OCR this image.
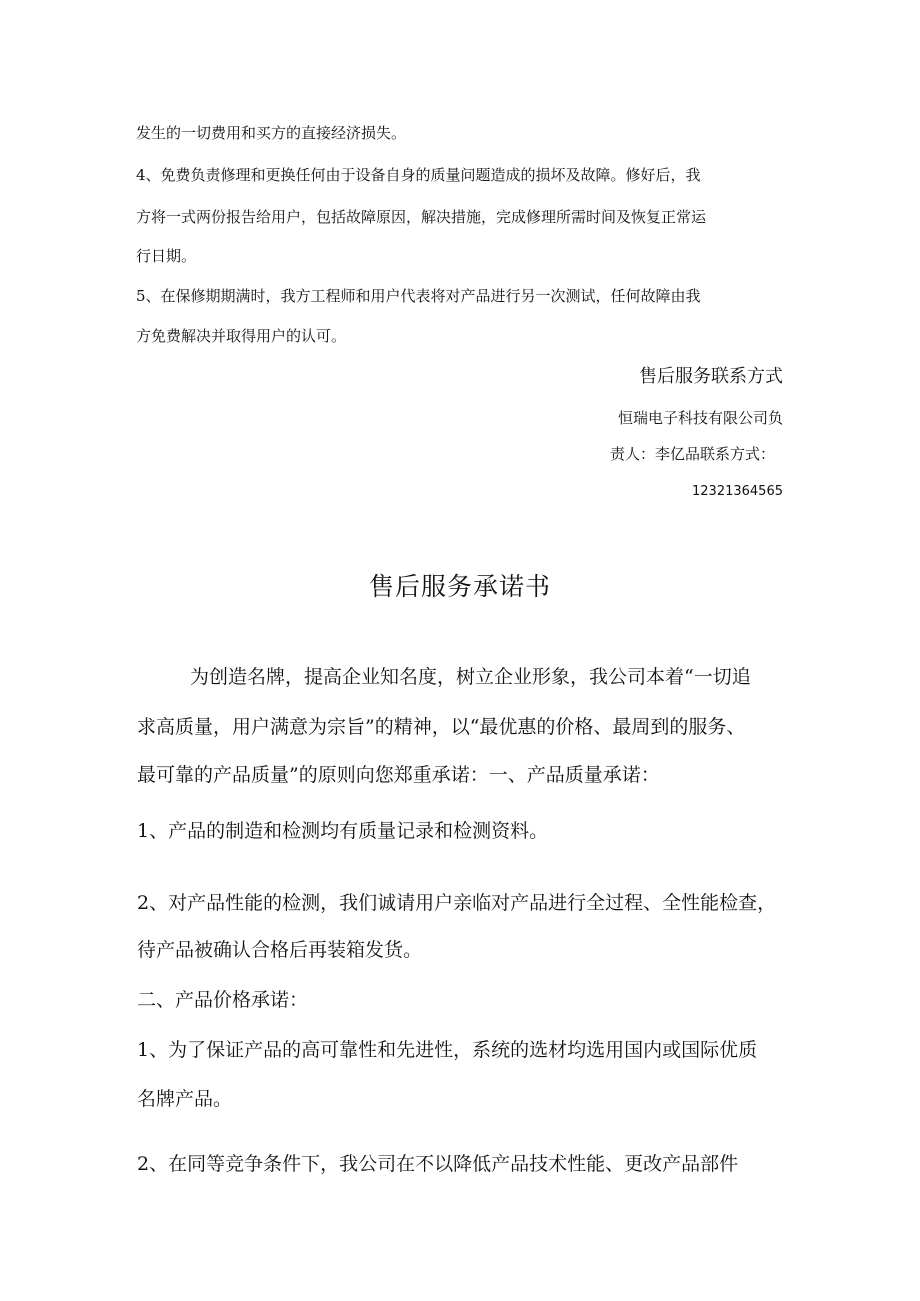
发生的一切费用和买方的直接经济损失。
4、免费负责修理和更换任何由于设备自身的质量问题造成的损坏及故障。修好后，我
方将一式两份报告给用户，包括故障原因，解决措施，完成修理所需时间及恢复正常运
行日期。
5、在保修期期满时，我方工程师和用户代表将对产品进行另一次测试，任何故障由我
方免费解决并取得用户的认可。
售后服务联系方式
恒瑞电子科技有限公司负
责人：李亿品联系方式：
12321364565
售后服务承诺书
为创造名牌，提高企业知名度，树立企业形象，我公司本着“一切追
求高质量，用户满意为宗旨”的精神，以“最优惠的价格、最周到的服务、
最可靠的产品质量”的原则向您郑重承诺：一、产品质量承诺：
1、产品的制造和检测均有质量记录和检测资料。
2、对产品性能的检测，我们诚请用户亲临对产品进行全过程、全性能检查，
待产品被确认合格后再装箱发货。
二、产品价格承诺：
1、为了保证产品的高可靠性和先进性，系统的选材均选用国内或国际优质
名牌产品。
2、在同等竞争条件下，我公司在不以降低产品技术性能、更改产品部件
